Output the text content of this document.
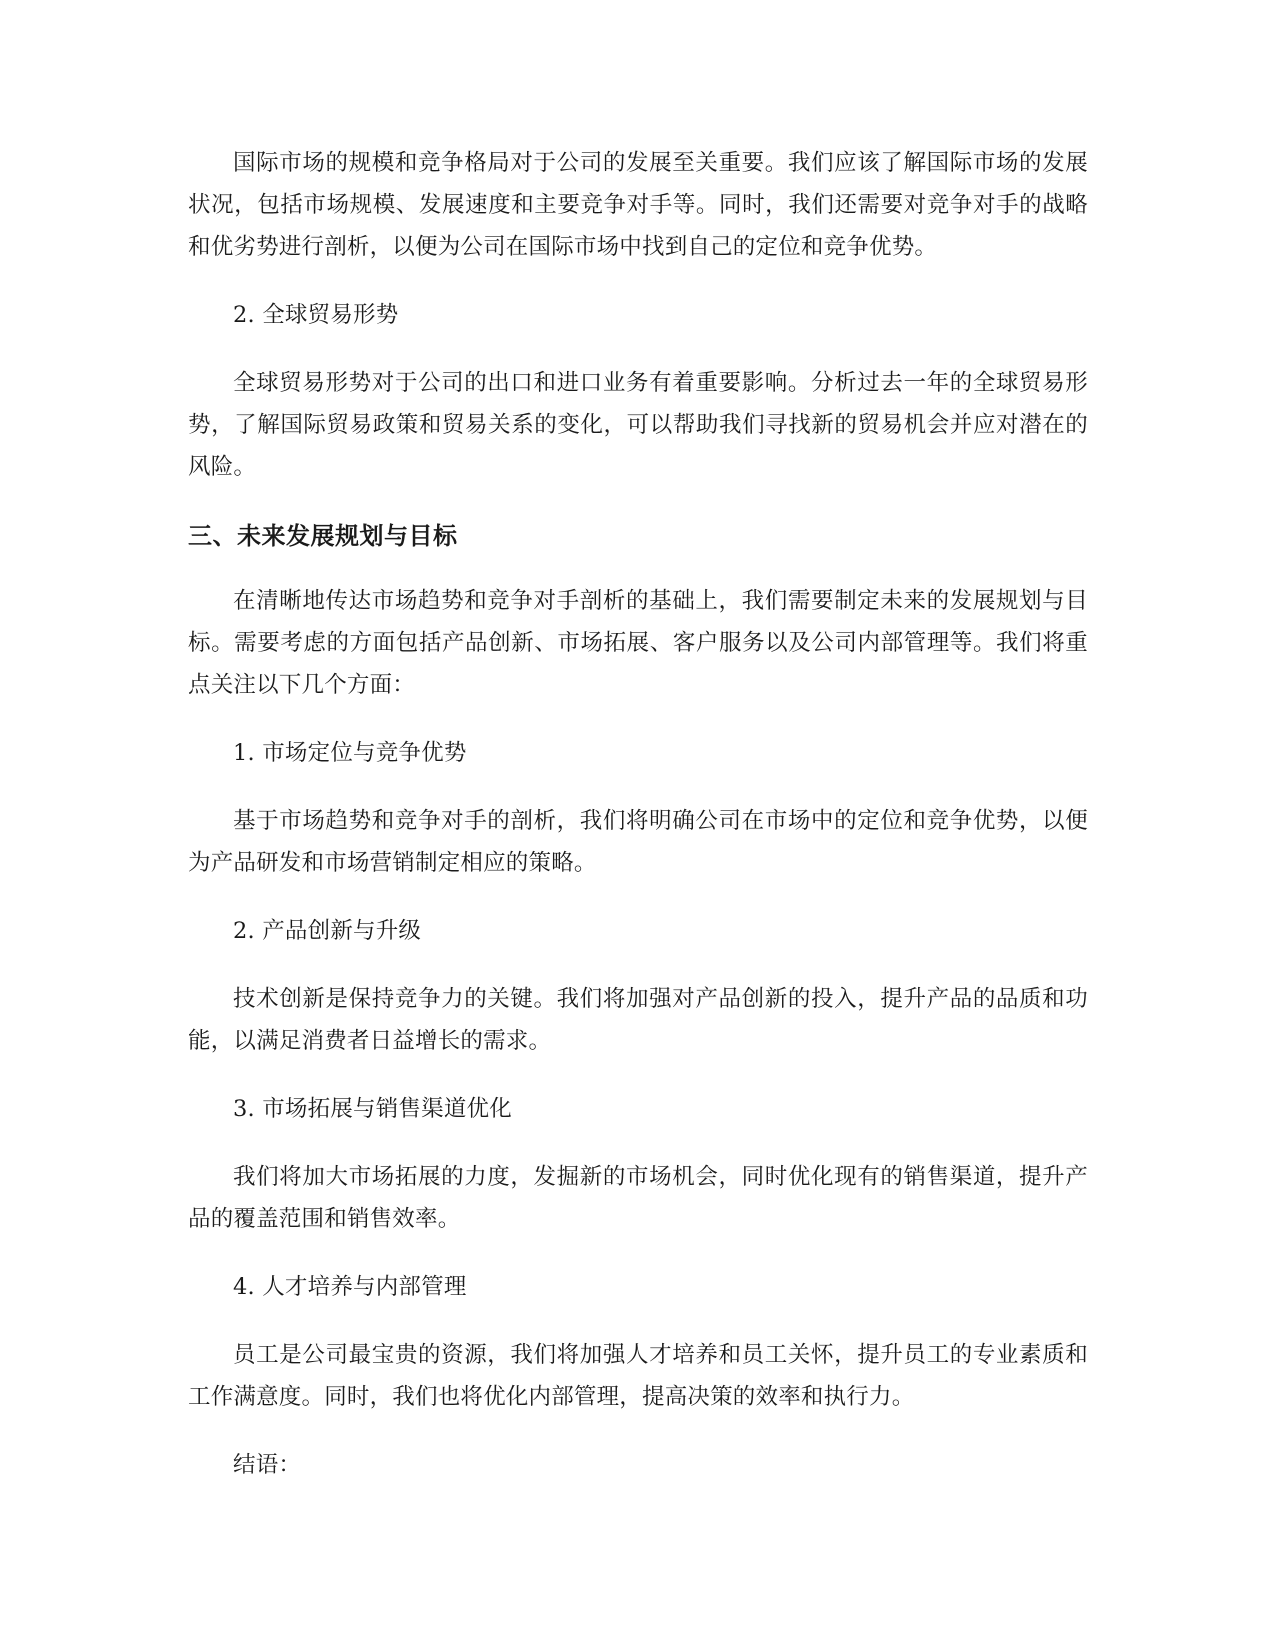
国际市场的规模和竞争格局对于公司的发展至关重要。我们应该了解国际市场的发展状况，包括市场规模、发展速度和主要竞争对手等。同时，我们还需要对竞争对手的战略和优劣势进行剖析，以便为公司在国际市场中找到自己的定位和竞争优势。

2. 全球贸易形势

全球贸易形势对于公司的出口和进口业务有着重要影响。分析过去一年的全球贸易形势，了解国际贸易政策和贸易关系的变化，可以帮助我们寻找新的贸易机会并应对潜在的风险。

三、未来发展规划与目标

在清晰地传达市场趋势和竞争对手剖析的基础上，我们需要制定未来的发展规划与目标。需要考虑的方面包括产品创新、市场拓展、客户服务以及公司内部管理等。我们将重点关注以下几个方面：

1. 市场定位与竞争优势

基于市场趋势和竞争对手的剖析，我们将明确公司在市场中的定位和竞争优势，以便为产品研发和市场营销制定相应的策略。

2. 产品创新与升级

技术创新是保持竞争力的关键。我们将加强对产品创新的投入，提升产品的品质和功能，以满足消费者日益增长的需求。

3. 市场拓展与销售渠道优化

我们将加大市场拓展的力度，发掘新的市场机会，同时优化现有的销售渠道，提升产品的覆盖范围和销售效率。

4. 人才培养与内部管理

员工是公司最宝贵的资源，我们将加强人才培养和员工关怀，提升员工的专业素质和工作满意度。同时，我们也将优化内部管理，提高决策的效率和执行力。

结语：
